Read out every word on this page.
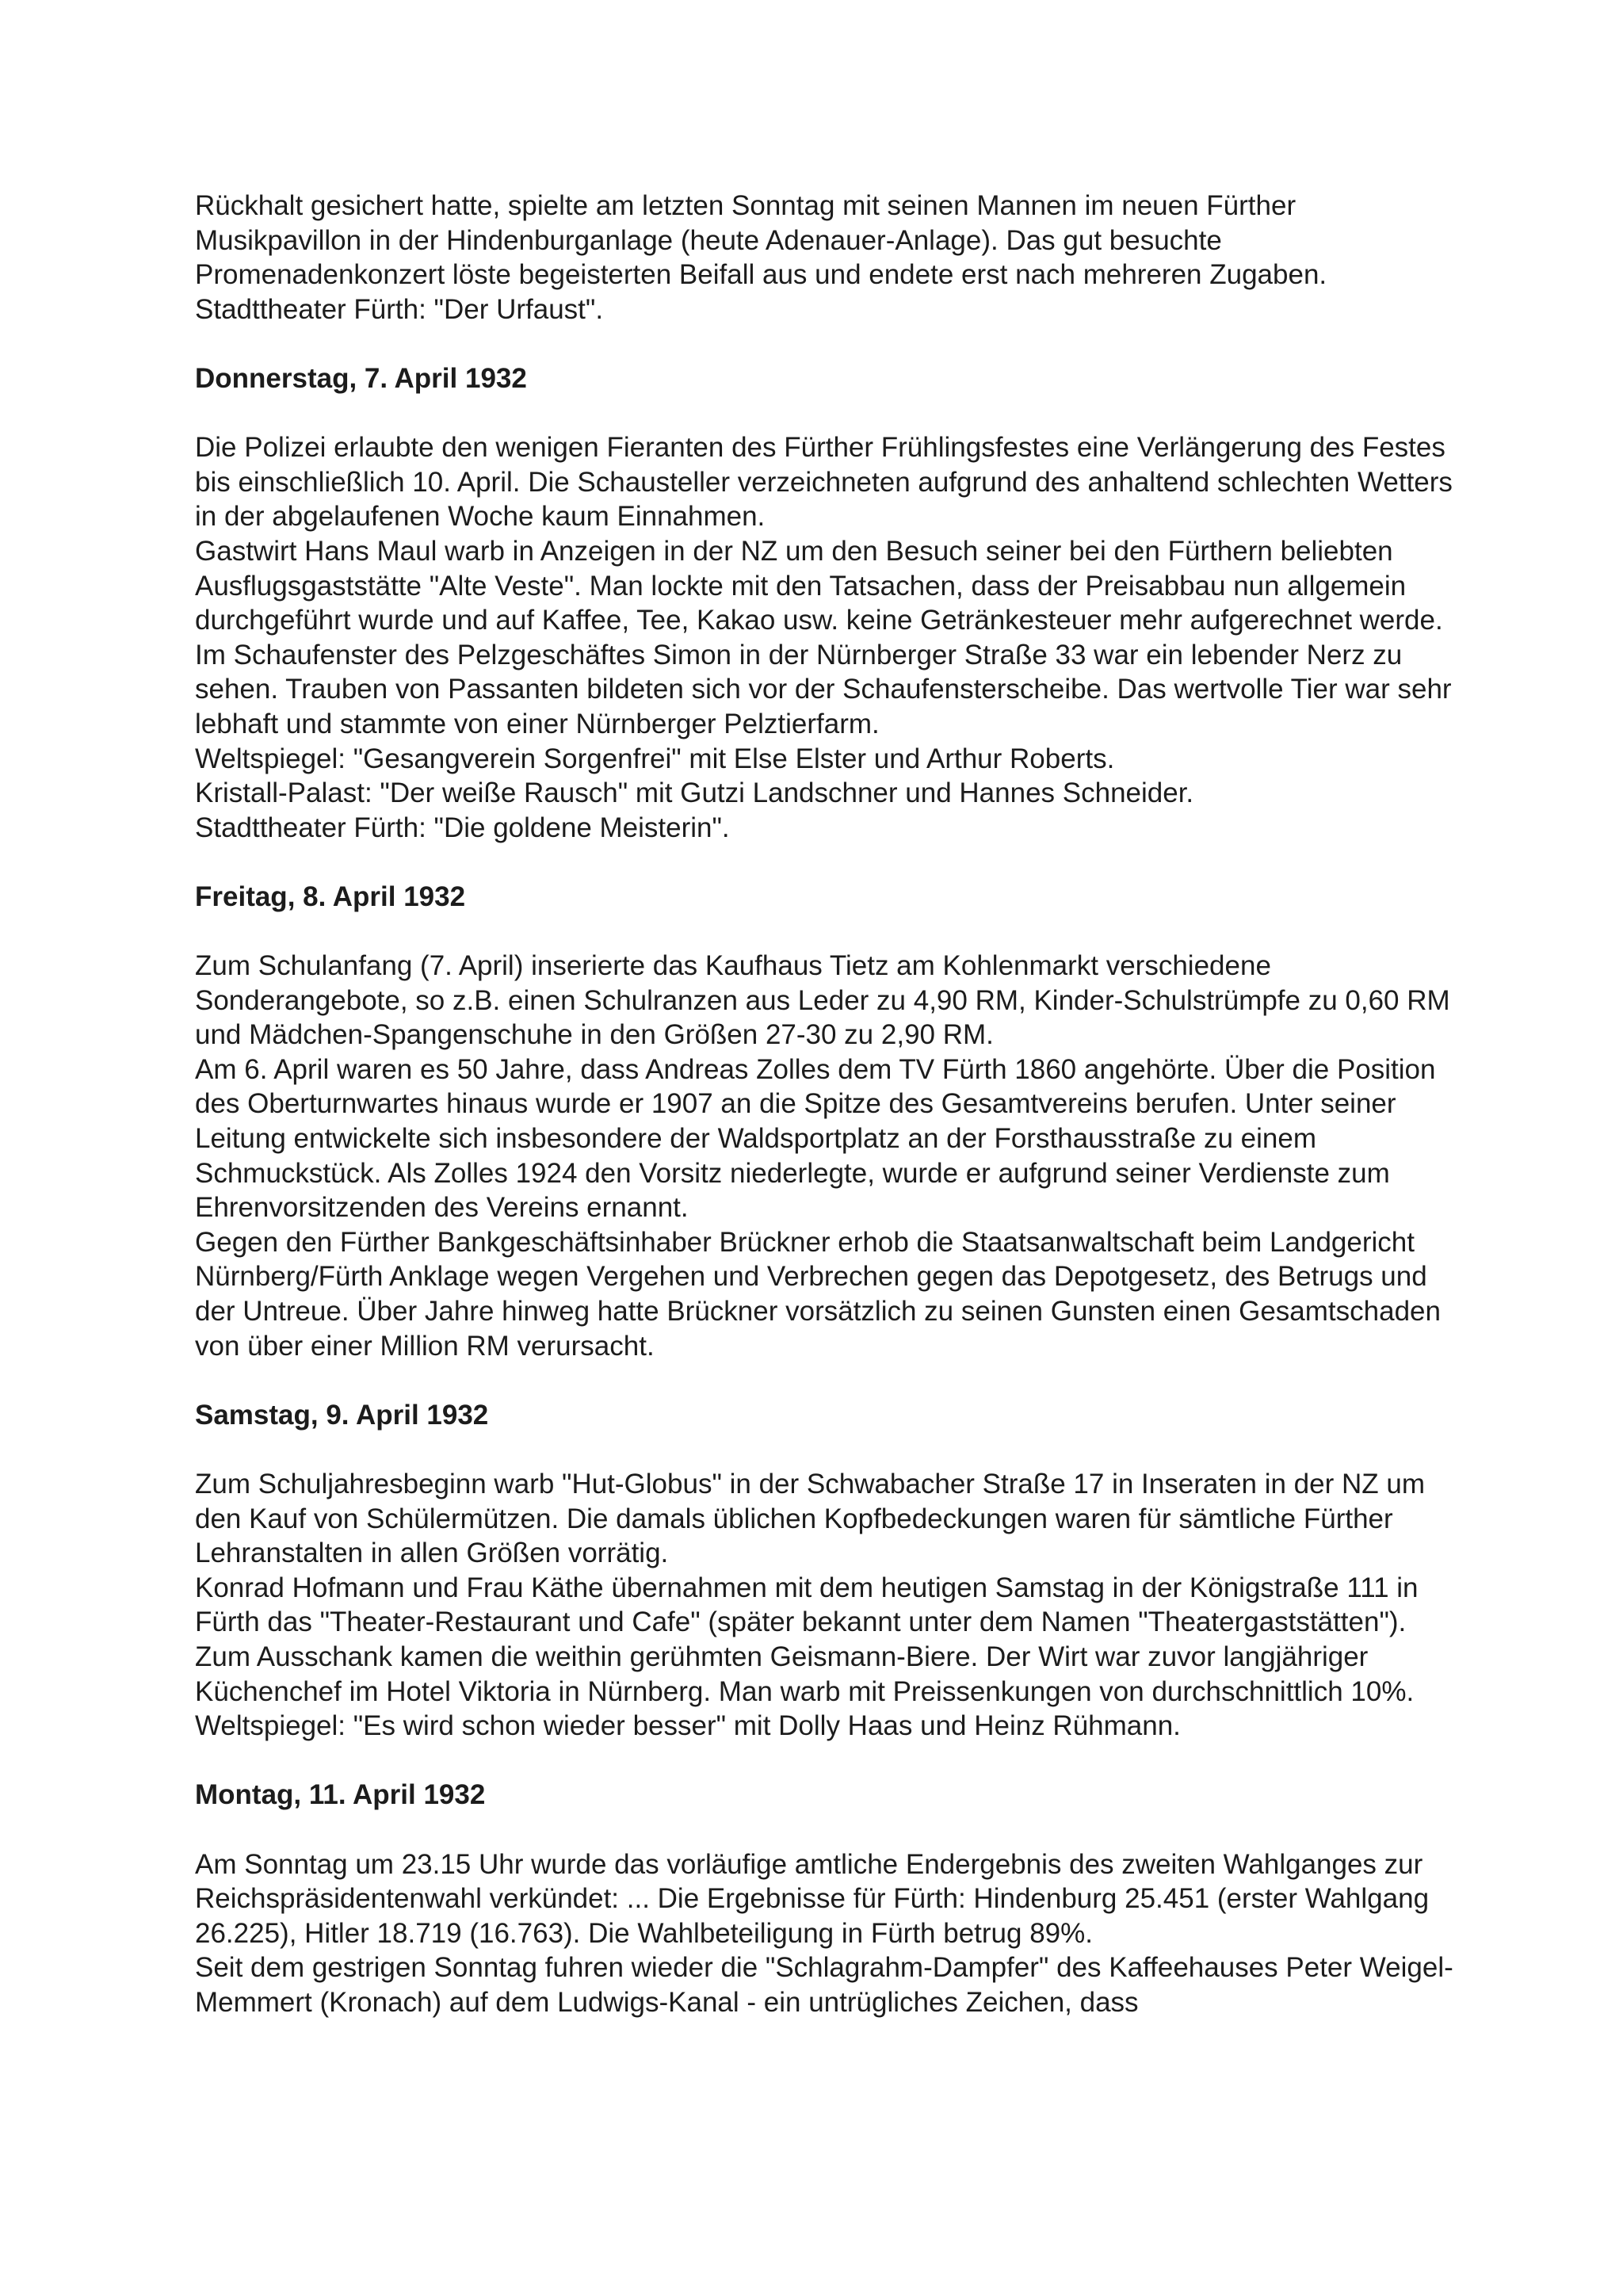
Rückhalt gesichert hatte, spielte am letzten Sonntag mit seinen Mannen im neuen Fürther Musikpavillon in der Hindenburganlage (heute Adenauer-Anlage). Das gut besuchte Promenadenkonzert löste begeisterten Beifall aus und endete erst nach mehreren Zugaben.

Stadttheater Fürth: "Der Urfaust".

Donnerstag, 7. April 1932

Die Polizei erlaubte den wenigen Fieranten des Fürther Frühlingsfestes eine Verlängerung des Festes bis einschließlich 10. April. Die Schausteller verzeichneten aufgrund des anhaltend schlechten Wetters in der abgelaufenen Woche kaum Einnahmen.

Gastwirt Hans Maul warb in Anzeigen in der NZ um den Besuch seiner bei den Fürthern beliebten Ausflugsgaststätte "Alte Veste". Man lockte mit den Tatsachen, dass der Preisabbau nun allgemein durchgeführt wurde und auf Kaffee, Tee, Kakao usw. keine Getränkesteuer mehr aufgerechnet werde.

Im Schaufenster des Pelzgeschäftes Simon in der Nürnberger Straße 33 war ein lebender Nerz zu sehen. Trauben von Passanten bildeten sich vor der Schaufensterscheibe. Das wertvolle Tier war sehr lebhaft und stammte von einer Nürnberger Pelztierfarm.

Weltspiegel: "Gesangverein Sorgenfrei" mit Else Elster und Arthur Roberts.

Kristall-Palast: "Der weiße Rausch" mit Gutzi Landschner und Hannes Schneider.

Stadttheater Fürth: "Die goldene Meisterin".

Freitag, 8. April 1932

Zum Schulanfang (7. April) inserierte das Kaufhaus Tietz am Kohlenmarkt verschiedene Sonderangebote, so z.B. einen Schulranzen aus Leder zu 4,90 RM, Kinder-Schulstrümpfe zu 0,60 RM und Mädchen-Spangenschuhe in den Größen 27-30 zu 2,90 RM.

Am 6. April waren es 50 Jahre, dass Andreas Zolles dem TV Fürth 1860 angehörte. Über die Position des Oberturnwartes hinaus wurde er 1907 an die Spitze des Gesamtvereins berufen. Unter seiner Leitung entwickelte sich insbesondere der Waldsportplatz an der Forsthausstraße zu einem Schmuckstück. Als Zolles 1924 den Vorsitz niederlegte, wurde er aufgrund seiner Verdienste zum Ehrenvorsitzenden des Vereins ernannt.

Gegen den Fürther Bankgeschäftsinhaber Brückner erhob die Staatsanwaltschaft beim Landgericht Nürnberg/Fürth Anklage wegen Vergehen und Verbrechen gegen das Depotgesetz, des Betrugs und der Untreue. Über Jahre hinweg hatte Brückner vorsätzlich zu seinen Gunsten einen Gesamtschaden von über einer Million RM verursacht.

Samstag, 9. April 1932

Zum Schuljahresbeginn warb "Hut-Globus" in der Schwabacher Straße 17 in Inseraten in der NZ um den Kauf von Schülermützen. Die damals üblichen Kopfbedeckungen waren für sämtliche Fürther Lehranstalten in allen Größen vorrätig.

Konrad Hofmann und Frau Käthe übernahmen mit dem heutigen Samstag in der Königstraße 111 in Fürth das "Theater-Restaurant und Cafe" (später bekannt unter dem Namen "Theatergaststätten"). Zum Ausschank kamen die weithin gerühmten Geismann-Biere. Der Wirt war zuvor langjähriger Küchenchef im Hotel Viktoria in Nürnberg. Man warb mit Preissenkungen von durchschnittlich 10%.

Weltspiegel: "Es wird schon wieder besser" mit Dolly Haas und Heinz Rühmann.

Montag, 11. April 1932

Am Sonntag um 23.15 Uhr wurde das vorläufige amtliche Endergebnis des zweiten Wahlganges zur Reichspräsidentenwahl verkündet: ... Die Ergebnisse für Fürth: Hindenburg 25.451 (erster Wahlgang 26.225), Hitler 18.719 (16.763). Die Wahlbeteiligung in Fürth betrug 89%.

Seit dem gestrigen Sonntag fuhren wieder die "Schlagrahm-Dampfer" des Kaffeehauses Peter Weigel-Memmert (Kronach) auf dem Ludwigs-Kanal - ein untrügliches Zeichen, dass
